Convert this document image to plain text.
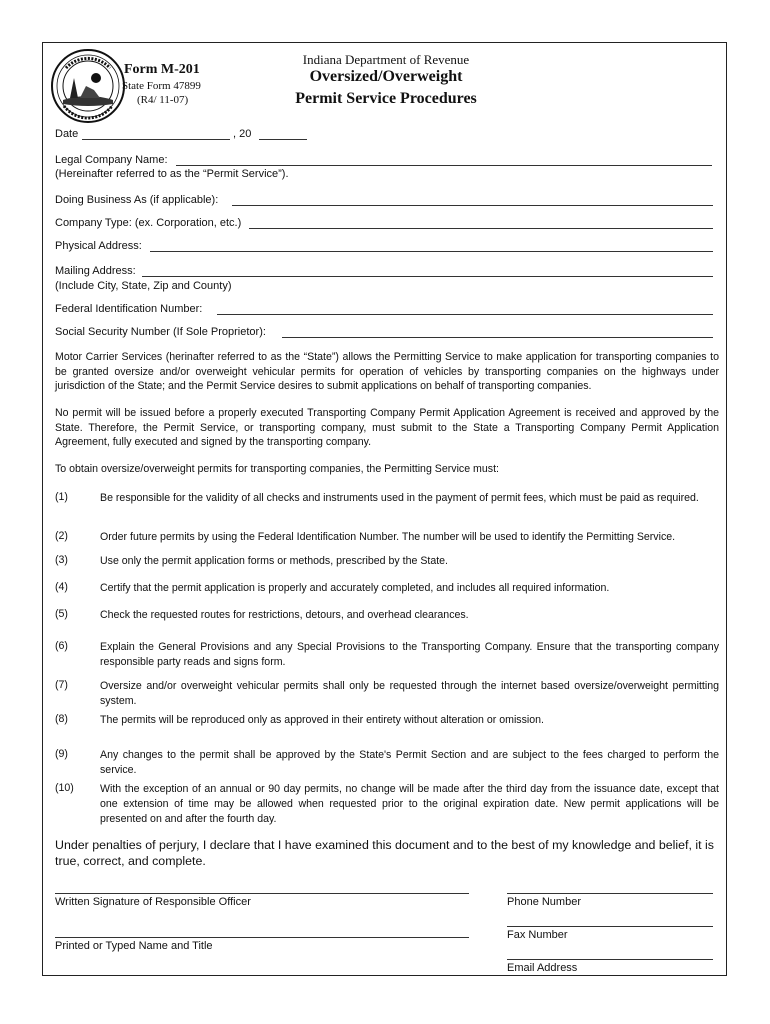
Form M-201
State Form 47899
(R4/ 11-07)
Indiana Department of Revenue
Oversized/Overweight
Permit Service Procedures
Date	, 20
Legal Company Name:
(Hereinafter referred to as the “Permit Service”).
Doing Business As (if applicable):
Company Type: (ex. Corporation, etc.)
Physical Address:
Mailing Address:
(Include City, State, Zip and County)
Federal Identification Number:
Social Security Number (If Sole Proprietor):
Motor Carrier Services (herinafter referred to as the “State”) allows the Permitting Service to make application for transporting companies to be granted oversize and/or overweight vehicular permits for operation of vehicles by transporting companies on the highways under jurisdiction of the State; and the Permit Service desires to submit applications on behalf of transporting companies.
No permit will be issued before a properly executed Transporting Company Permit Application Agreement is received and approved by the State. Therefore, the Permit Service, or transporting company, must submit to the State a Transporting Company Permit Application Agreement, fully executed and signed by the transporting company.
To obtain oversize/overweight permits for transporting companies, the Permitting Service must:
(1)	Be responsible for the validity of all checks and instruments used in the payment of permit fees, which must be paid as required.
(2)	Order future permits by using the Federal Identification Number. The number will be used to identify the Permitting Service.
(3)	Use only the permit application forms or methods, prescribed by the State.
(4)	Certify that the permit application is properly and accurately completed, and includes all required information.
(5)	Check the requested routes for restrictions, detours, and overhead clearances.
(6)	Explain the General Provisions and any Special Provisions to the Transporting Company. Ensure that the transporting company responsible party reads and signs form.
(7)	Oversize and/or overweight vehicular permits shall only be requested through the internet based oversize/overweight permitting system.
(8)	The permits will be reproduced only as approved in their entirety without alteration or omission.
(9)	Any changes to the permit shall be approved by the State's Permit Section and are subject to the fees charged to perform the service.
(10) With the exception of an annual or 90 day permits, no change will be made after the third day from the issuance date, except that one extension of time may be allowed when requested prior to the original expiration date. New permit applications will be presented on and after the fourth day.
Under penalties of perjury, I declare that I have examined this document and to the best of my knowledge and belief, it is true, correct, and complete.
Written Signature of Responsible Officer	Phone Number
Fax Number
Printed or Typed Name and Title
Email Address
